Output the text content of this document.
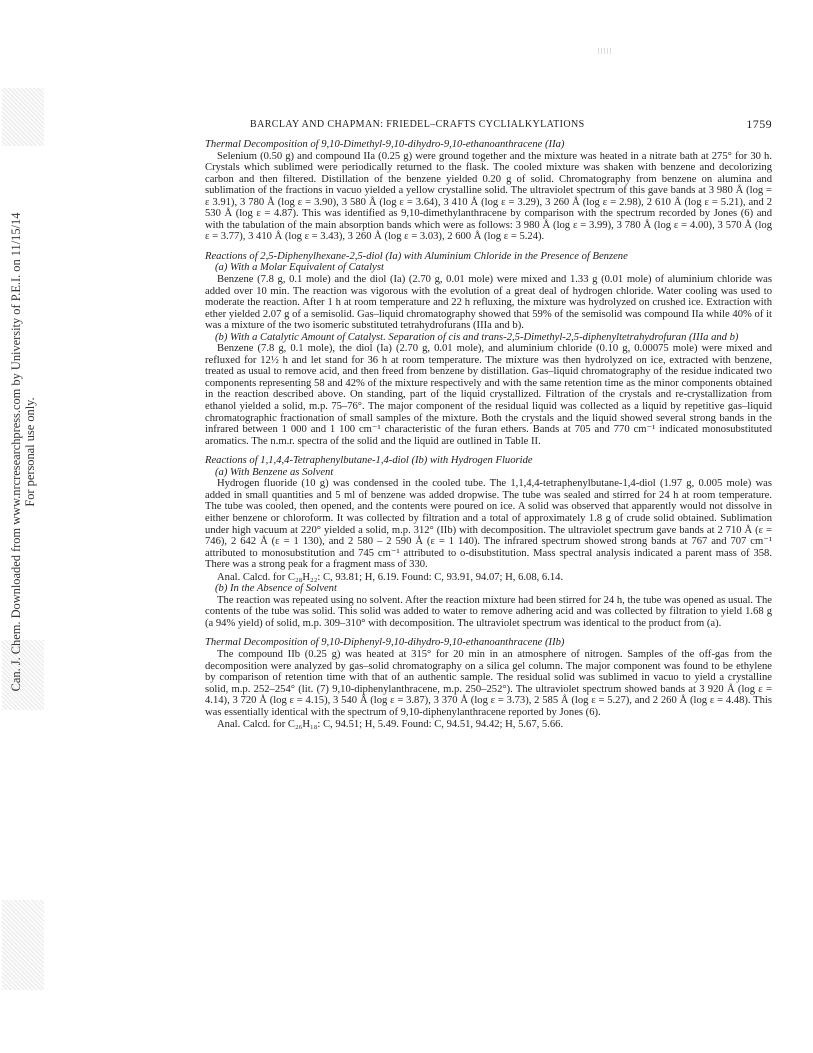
Can. J. Chem. Downloaded from www.nrcresearchpress.com by University of P.E.I. on 11/15/14 For personal use only.
BARCLAY AND CHAPMAN: FRIEDEL–CRAFTS CYCLIALKYLATIONS	1759
Thermal Decomposition of 9,10-Dimethyl-9,10-dihydro-9,10-ethanoanthracene (IIa)

Selenium (0.50 g) and compound IIa (0.25 g) were ground together and the mixture was heated in a nitrate bath at 275° for 30 h. Crystals which sublimed were periodically returned to the flask. The cooled mixture was shaken with benzene and decolorizing carbon and then filtered. Distillation of the benzene yielded 0.20 g of solid. Chromatography from benzene on alumina and sublimation of the fractions in vacuo yielded a yellow crystalline solid. The ultraviolet spectrum of this gave bands at 3 980 Å (log = ε 3.91), 3 780 Å (log ε = 3.90), 3 580 Å (log ε = 3.64), 3 410 Å (log ε = 3.29), 3 260 Å (log ε = 2.98), 2 610 Å (log ε = 5.21), and 2 530 Å (log ε = 4.87). This was identified as 9,10-dimethylanthracene by comparison with the spectrum recorded by Jones (6) and with the tabulation of the main absorption bands which were as follows: 3 980 Å (log ε = 3.99), 3 780 Å (log ε = 4.00), 3 570 Å (log ε = 3.77), 3 410 Å (log ε = 3.43), 3 260 Å (log ε = 3.03), 2 600 Å (log ε = 5.24).

Reactions of 2,5-Diphenylhexane-2,5-diol (Ia) with Aluminium Chloride in the Presence of Benzene
(a) With a Molar Equivalent of Catalyst

Benzene (7.8 g, 0.1 mole) and the diol (Ia) (2.70 g, 0.01 mole) were mixed and 1.33 g (0.01 mole) of aluminium chloride was added over 10 min. The reaction was vigorous with the evolution of a great deal of hydrogen chloride. Water cooling was used to moderate the reaction. After 1 h at room temperature and 22 h refluxing, the mixture was hydrolyzed on crushed ice. Extraction with ether yielded 2.07 g of a semisolid. Gas–liquid chromatography showed that 59% of the semisolid was compound IIa while 40% of it was a mixture of the two isomeric substituted tetrahydrofurans (IIIa and b).

(b) With a Catalytic Amount of Catalyst. Separation of cis and trans-2,5-Dimethyl-2,5-diphenyltetrahydrofuran (IIIa and b)

Benzene (7.8 g, 0.1 mole), the diol (Ia) (2.70 g, 0.01 mole), and aluminium chloride (0.10 g, 0.00075 mole) were mixed and refluxed for 12½ h and let stand for 36 h at room temperature. The mixture was then hydrolyzed on ice, extracted with benzene, treated as usual to remove acid, and then freed from benzene by distillation. Gas–liquid chromatography of the residue indicated two components representing 58 and 42% of the mixture respectively and with the same retention time as the minor components obtained in the reaction described above. On standing, part of the liquid crystallized. Filtration of the crystals and re-crystallization from ethanol yielded a solid, m.p. 75–76°. The major component of the residual liquid was collected as a liquid by repetitive gas–liquid chromatographic fractionation of small samples of the mixture. Both the crystals and the liquid showed several strong bands in the infrared between 1 000 and 1 100 cm⁻¹ characteristic of the furan ethers. Bands at 705 and 770 cm⁻¹ indicated monosubstituted aromatics. The n.m.r. spectra of the solid and the liquid are outlined in Table II.

Reactions of 1,1,4,4-Tetraphenylbutane-1,4-diol (Ib) with Hydrogen Fluoride
(a) With Benzene as Solvent

Hydrogen fluoride (10 g) was condensed in the cooled tube. The 1,1,4,4-tetraphenylbutane-1,4-diol (1.97 g, 0.005 mole) was added in small quantities and 5 ml of benzene was added dropwise. The tube was sealed and stirred for 24 h at room temperature. The tube was cooled, then opened, and the contents were poured on ice. A solid was observed that apparently would not dissolve in either benzene or chloroform. It was collected by filtration and a total of approximately 1.8 g of crude solid obtained. Sublimation under high vacuum at 220° yielded a solid, m.p. 312° (IIb) with decomposition. The ultraviolet spectrum gave bands at 2 710 Å (ε = 746), 2 642 Å (ε = 1 130), and 2 580 – 2 590 Å (ε = 1 140). The infrared spectrum showed strong bands at 767 and 707 cm⁻¹ attributed to monosubstitution and 745 cm⁻¹ attributed to o-disubstitution. Mass spectral analysis indicated a parent mass of 358. There was a strong peak for a fragment mass of 330.

Anal. Calcd. for C₂₈H₂₂: C, 93.81; H, 6.19. Found: C, 93.91, 94.07; H, 6.08, 6.14.

(b) In the Absence of Solvent

The reaction was repeated using no solvent. After the reaction mixture had been stirred for 24 h, the tube was opened as usual. The contents of the tube was solid. This solid was added to water to remove adhering acid and was collected by filtration to yield 1.68 g (a 94% yield) of solid, m.p. 309–310° with decomposition. The ultraviolet spectrum was identical to the product from (a).

Thermal Decomposition of 9,10-Diphenyl-9,10-dihydro-9,10-ethanoanthracene (IIb)

The compound IIb (0.25 g) was heated at 315° for 20 min in an atmosphere of nitrogen. Samples of the off-gas from the decomposition were analyzed by gas–solid chromatography on a silica gel column. The major component was found to be ethylene by comparison of retention time with that of an authentic sample. The residual solid was sublimed in vacuo to yield a crystalline solid, m.p. 252–254° (lit. (7) 9,10-diphenylanthracene, m.p. 250–252°). The ultraviolet spectrum showed bands at 3 920 Å (log ε = 4.14), 3 720 Å (log ε = 4.15), 3 540 Å (log ε = 3.87), 3 370 Å (log ε = 3.73), 2 585 Å (log ε = 5.27), and 2 260 Å (log ε = 4.48). This was essentially identical with the spectrum of 9,10-diphenylanthracene reported by Jones (6).

Anal. Calcd. for C₂₆H₁₈: C, 94.51; H, 5.49. Found: C, 94.51, 94.42; H, 5.67, 5.66.
